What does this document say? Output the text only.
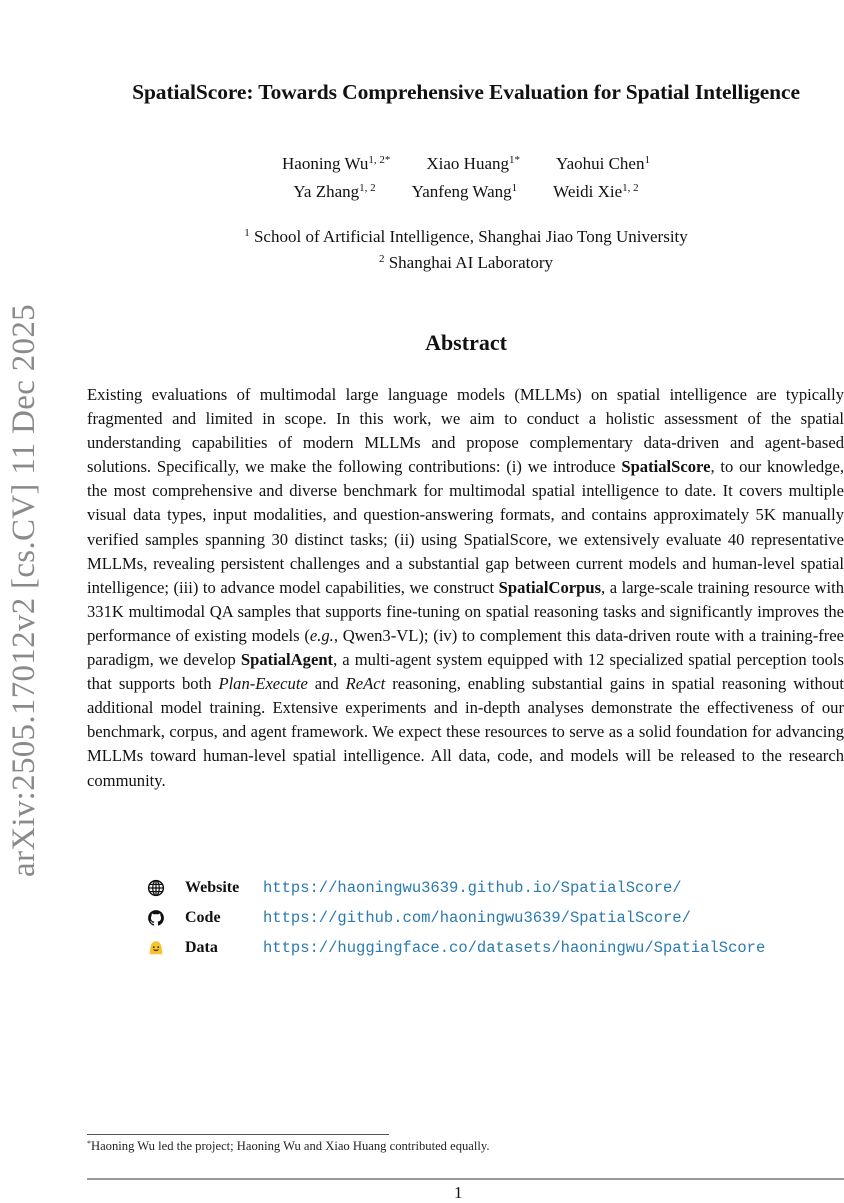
arXiv:2505.17012v2 [cs.CV] 11 Dec 2025
SpatialScore: Towards Comprehensive Evaluation for Spatial Intelligence
Haoning $Wu^{1, 2*}$ Xiao Huang$^{1*}$ Yaohui Chen$^1$
Ya Zhang$^{1, 2}$ Yanfeng Wang$^1$ Weidi Xie$^{1, 2}$
$^1$ School of Artificial Intelligence, Shanghai Jiao Tong University
$^2$ Shanghai AI Laboratory
Abstract

Existing evaluations of multimodal large language models (MLLMs) on spatial intelligence are typically fragmented and limited in scope. In this work, we aim to conduct a holistic assessment of the spatial understanding capabilities of modern MLLMs and propose complementary data-driven and agent-based solutions. Specifically, we make the following contributions: (i) we introduce SpatialScore, to our knowledge, the most comprehensive and diverse benchmark for multimodal spatial intelligence to date. It covers multiple visual data types, input modalities, and question-answering formats, and contains approximately 5K manually verified samples spanning 30 distinct tasks; (ii) using SpatialScore, we extensively evaluate 40 representative MLLMs, revealing persistent challenges and a substantial gap between current models and human-level spatial intelligence; (iii) to advance model capabilities, we construct SpatialCorpus, a large-scale training resource with 331K multimodal QA samples that supports fine-tuning on spatial reasoning tasks and significantly improves the performance of existing models (e.g., Qwen3-VL); (iv) to complement this data-driven route with a training-free paradigm, we develop SpatialAgent, a multi-agent system equipped with 12 specialized spatial perception tools that supports both Plan-Execute and ReAct reasoning, enabling substantial gains in spatial reasoning without additional model training. Extensive experiments and in-depth analyses demonstrate the effectiveness of our benchmark, corpus, and agent framework. We expect these resources to serve as a solid foundation for advancing MLLMs toward human-level spatial intelligence. All data, code, and models will be released to the research community.

Website	https://haoningwu3639.github.io/SpatialScore/
Code	https://github.com/haoningwu3639/SpatialScore/
Data	https://huggingface.co/datasets/haoningwu/SpatialScore
*Haoning Wu led the project; Haoning Wu and Xiao Huang contributed equally.
1
